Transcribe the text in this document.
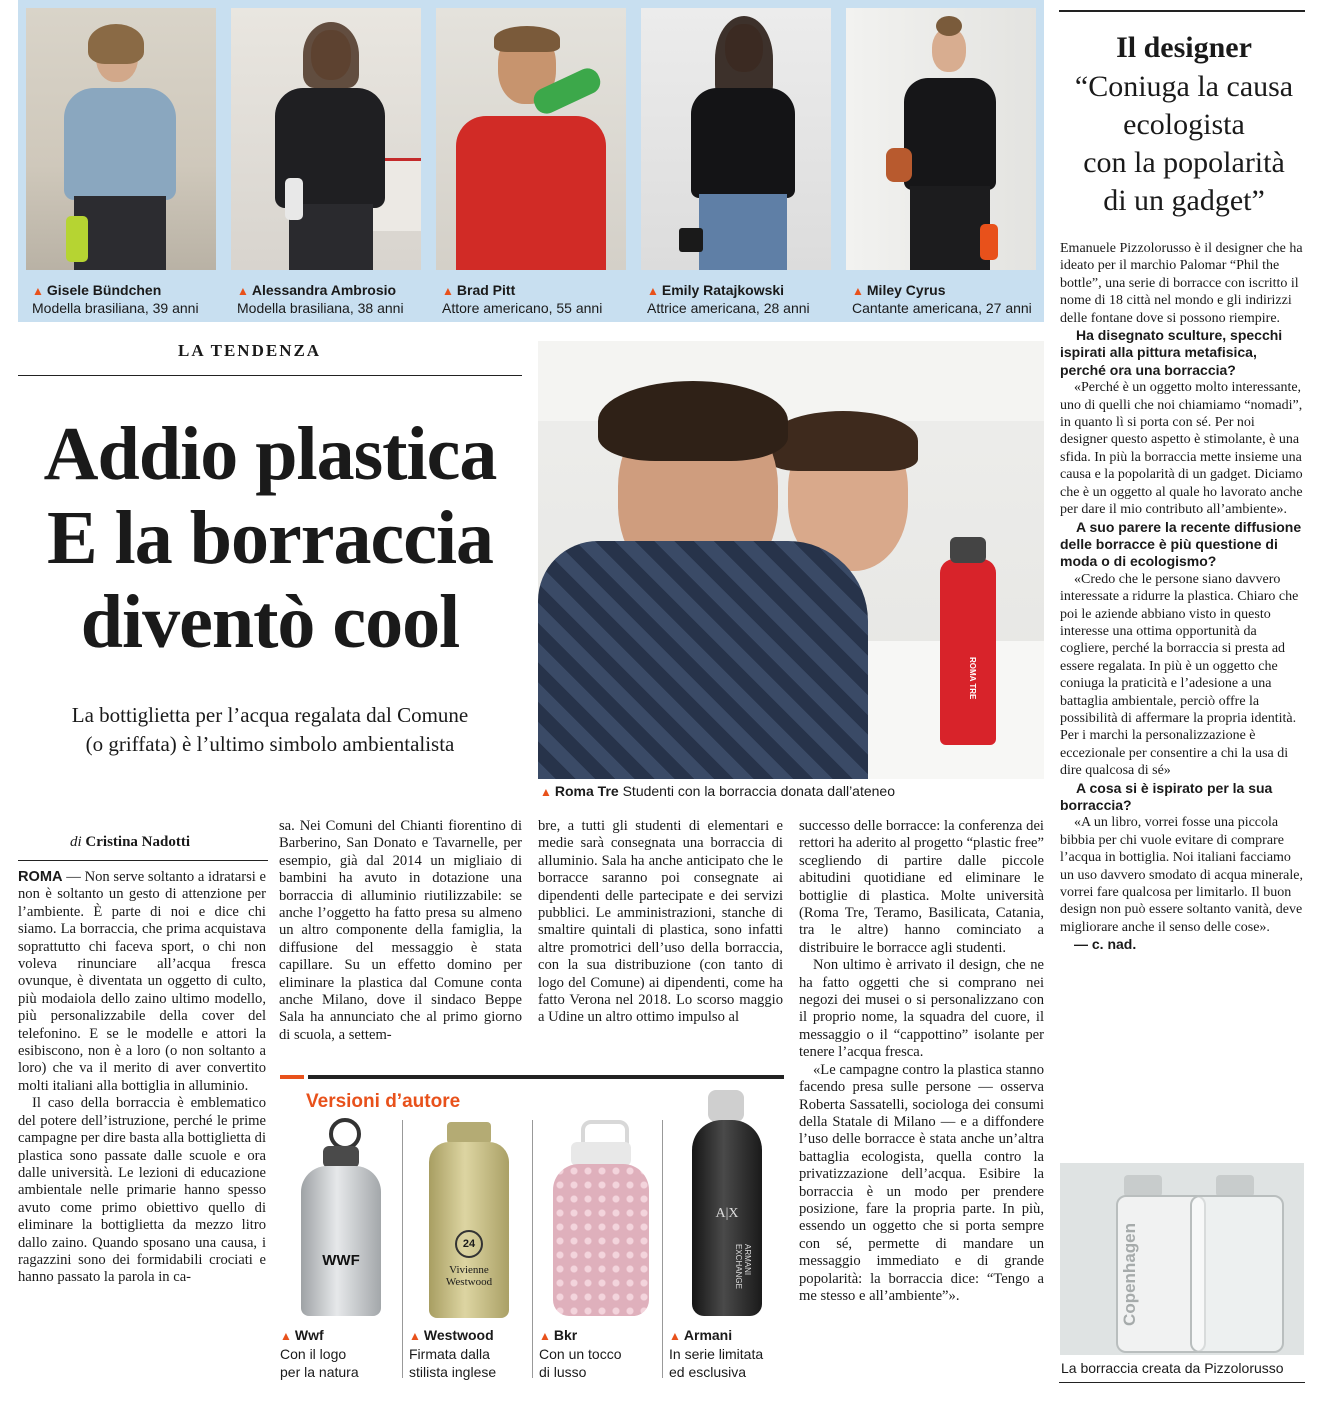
▲ Gisele Bündchen
Modella brasiliana, 39 anni
▲ Alessandra Ambrosio
Modella brasiliana, 38 anni
▲ Brad Pitt
Attore americano, 55 anni
▲ Emily Ratajkowski
Attrice americana, 28 anni
▲ Miley Cyrus
Cantante americana, 27 anni
LA TENDENZA
Addio plastica
E la borraccia
diventò cool
La bottiglietta per l’acqua regalata dal Comune
(o griffata) è l’ultimo simbolo ambientalista
ROMA TRE
▲ Roma Tre Studenti con la borraccia donata dall’ateneo
di Cristina Nadotti

ROMA — Non serve soltanto a idratarsi e non è soltanto un gesto di attenzione per l’ambiente. È parte di noi e dice chi siamo. La borraccia, che prima acquistava soprattutto chi faceva sport, o chi non voleva rinunciare all’acqua fresca ovunque, è diventata un oggetto di culto, più modaiola dello zaino ultimo modello, più personalizzabile della cover del telefonino. E se le modelle e attori la esibiscono, non è a loro (o non soltanto a loro) che va il merito di aver convertito molti italiani alla bottiglia in alluminio.

Il caso della borraccia è emblematico del potere dell’istruzione, perché le prime campagne per dire basta alla bottiglietta di plastica sono passate dalle scuole e ora dalle università. Le lezioni di educazione ambientale nelle primarie hanno spesso avuto come primo obiettivo quello di eliminare la bottiglietta da mezzo litro dallo zaino. Quando sposano una causa, i ragazzini sono dei formidabili crociati e hanno passato la parola in ca-

sa. Nei Comuni del Chianti fiorentino di Barberino, San Donato e Tavarnelle, per esempio, già dal 2014 un migliaio di bambini ha avuto in dotazione una borraccia di alluminio riutilizzabile: se anche l’oggetto ha fatto presa su almeno un altro componente della famiglia, la diffusione del messaggio è stata capillare. Su un effetto domino per eliminare la plastica dal Comune conta anche Milano, dove il sindaco Beppe Sala ha annunciato che al primo giorno di scuola, a settem-

bre, a tutti gli studenti di elementari e medie sarà consegnata una borraccia di alluminio. Sala ha anche anticipato che le borracce saranno poi consegnate ai dipendenti delle partecipate e dei servizi pubblici. Le amministrazioni, stanche di smaltire quintali di plastica, sono infatti altre promotrici dell’uso della borraccia, con la sua distribuzione (con tanto di logo del Comune) ai dipendenti, come ha fatto Verona nel 2018. Lo scorso maggio a Udine un altro ottimo impulso al

successo delle borracce: la conferenza dei rettori ha aderito al progetto “plastic free” scegliendo di partire dalle piccole abitudini quotidiane ed eliminare le bottiglie di plastica. Molte università (Roma Tre, Teramo, Basilicata, Catania, tra le altre) hanno cominciato a distribuire le borracce agli studenti.

Non ultimo è arrivato il design, che ne ha fatto oggetti che si comprano nei negozi dei musei o si personalizzano con il proprio nome, la squadra del cuore, il messaggio o il “cappottino” isolante per tenere l’acqua fresca.

«Le campagne contro la plastica stanno facendo presa sulle persone — osserva Roberta Sassatelli, sociologa dei consumi della Statale di Milano — e a diffondere l’uso delle borracce è stata anche un’altra battaglia ecologista, quella contro la privatizzazione dell’acqua. Esibire la borraccia è un modo per prendere posizione, fare la propria parte. In più, essendo un oggetto che si porta sempre con sé, permette di mandare un messaggio immediato e di grande popolarità: la borraccia dice: “Tengo a me stesso e all’ambiente”».

Versioni d’autore
WWF
24
Vivienne Westwood
A|X
ARMANI EXCHANGE
▲ Wwf
Con il logo
per la natura
▲ Westwood
Firmata dalla
stilista inglese
▲ Bkr
Con un tocco
di lusso
▲ Armani
In serie limitata
ed esclusiva
Il designer
“Coniuga la causa
ecologista
con la popolarità
di un gadget”

Emanuele Pizzolorusso è il designer che ha ideato per il marchio Palomar “Phil the bottle”, una serie di borracce con iscritto il nome di 18 città nel mondo e gli indirizzi delle fontane dove si possono riempire.

Ha disegnato sculture, specchi ispirati alla pittura metafisica, perché ora una borraccia?

«Perché è un oggetto molto interessante, uno di quelli che noi chiamiamo “nomadi”, in quanto lì si porta con sé. Per noi designer questo aspetto è stimolante, è una sfida. In più la borraccia mette insieme una causa e la popolarità di un gadget. Diciamo che è un oggetto al quale ho lavorato anche per dare il mio contributo all’ambiente».

A suo parere la recente diffusione delle borracce è più questione di moda o di ecologismo?

«Credo che le persone siano davvero interessate a ridurre la plastica. Chiaro che poi le aziende abbiano visto in questo interesse una ottima opportunità da cogliere, perché la borraccia si presta ad essere regalata. In più è un oggetto che coniuga la praticità e l’adesione a una battaglia ambientale, perciò offre la possibilità di affermare la propria identità. Per i marchi la personalizzazione è eccezionale per consentire a chi la usa di dire qualcosa di sé»

A cosa si è ispirato per la sua borraccia?

«A un libro, vorrei fosse una piccola bibbia per chi vuole evitare di comprare l’acqua in bottiglia. Noi italiani facciamo un uso davvero smodato di acqua minerale, vorrei fare qualcosa per limitarlo. Il buon design non può essere soltanto vanità, deve migliorare anche il senso delle cose».

— c. nad.

Copenhagen
La borraccia creata da Pizzolorusso
